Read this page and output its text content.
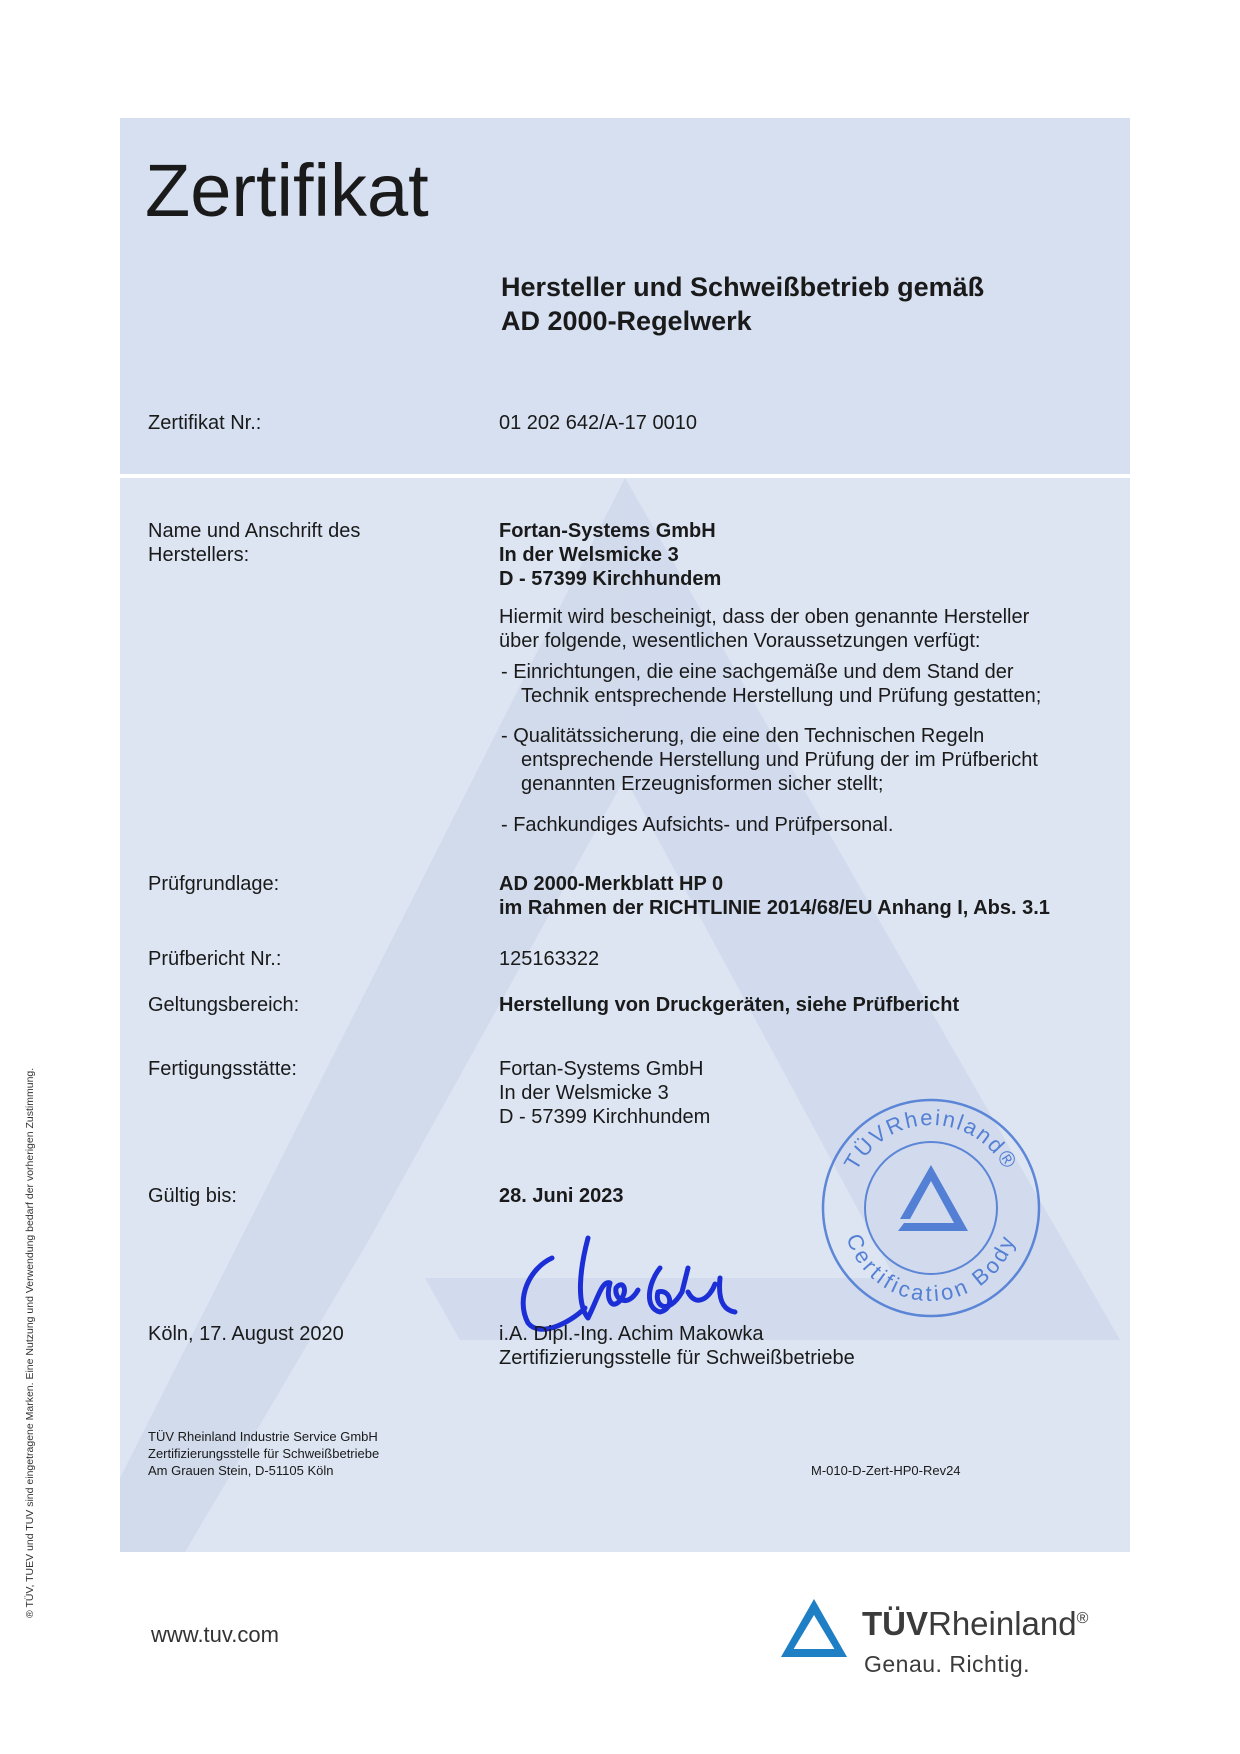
Zertifikat
Hersteller und Schweißbetrieb gemäß
AD 2000-Regelwerk
Zertifikat Nr.:	01 202 642/A-17 0010
Name und Anschrift des
Herstellers:
Fortan-Systems GmbH
In der Welsmicke 3
D - 57399 Kirchhundem
Hiermit wird bescheinigt, dass der oben genannte Hersteller
über folgende, wesentlichen Voraussetzungen verfügt:
- Einrichtungen, die eine sachgemäße und dem Stand der Technik entsprechende Herstellung und Prüfung gestatten;
- Qualitätssicherung, die eine den Technischen Regeln entsprechende Herstellung und Prüfung der im Prüfbericht genannten Erzeugnisformen sicher stellt;
- Fachkundiges Aufsichts- und Prüfpersonal.
Prüfgrundlage:	AD 2000-Merkblatt HP 0
im Rahmen der RICHTLINIE 2014/68/EU Anhang I, Abs. 3.1
Prüfbericht Nr.:	125163322
Geltungsbereich:	Herstellung von Druckgeräten, siehe Prüfbericht
Fertigungsstätte:	Fortan-Systems GmbH
In der Welsmicke 3
D - 57399 Kirchhundem
Gültig bis:	28. Juni 2023
TÜVRheinland®
Certification Body
Köln, 17. August 2020	i.A. Dipl.-Ing. Achim Makowka
Zertifizierungsstelle für Schweißbetriebe
TÜV Rheinland Industrie Service GmbH
Zertifizierungsstelle für Schweißbetriebe
Am Grauen Stein, D-51105 Köln	M-010-D-Zert-HP0-Rev24
® TÜV, TUEV und TUV sind eingetragene Marken. Eine Nutzung und Verwendung bedarf der vorherigen Zustimmung.
www.tuv.com	TÜVRheinland®
Genau. Richtig.
